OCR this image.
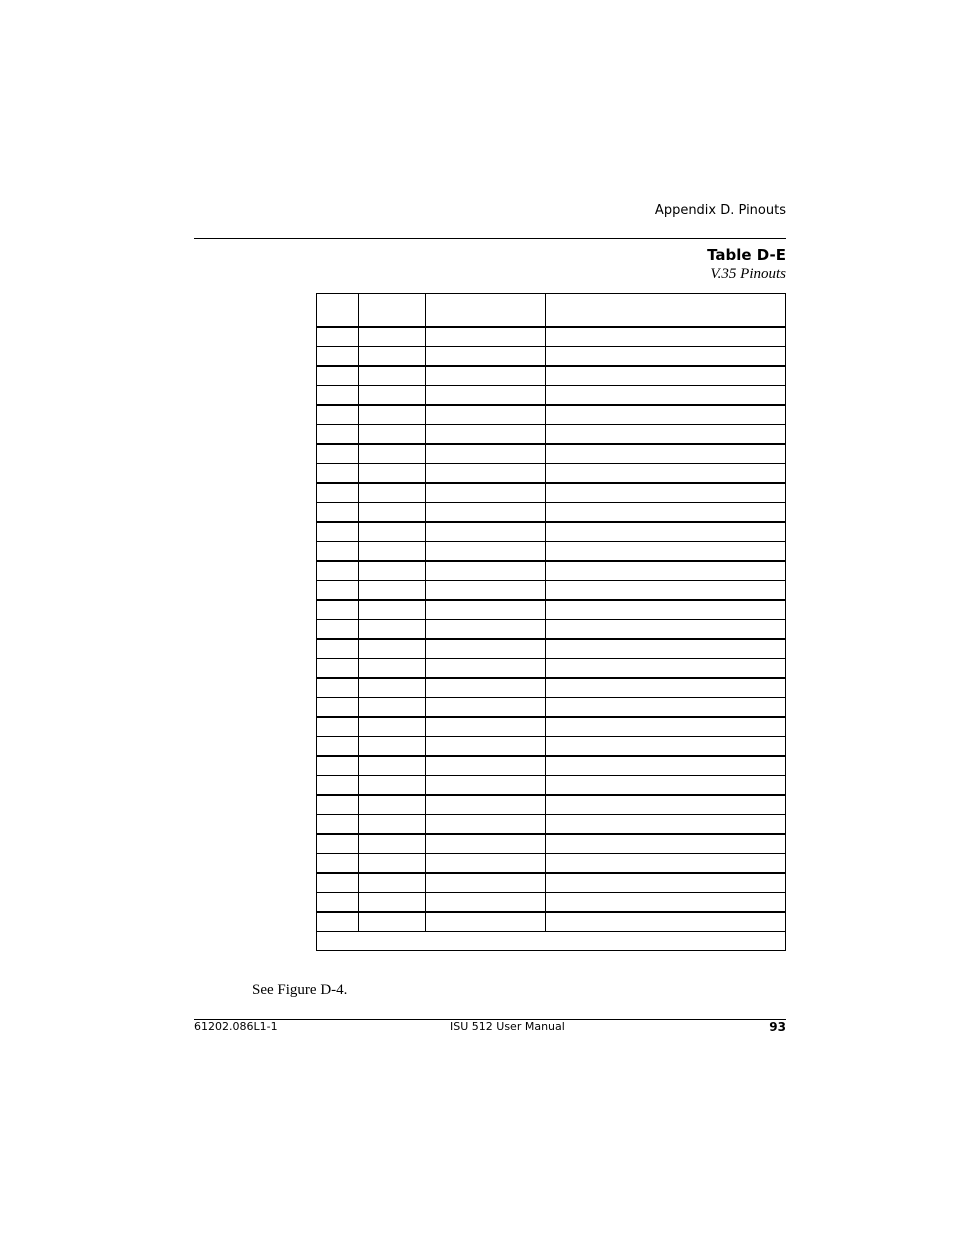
Appendix D. Pinouts
Table D-E
V.35 Pinouts

See Figure D-4.
61202.086L1-1	ISU 512 User Manual	93
